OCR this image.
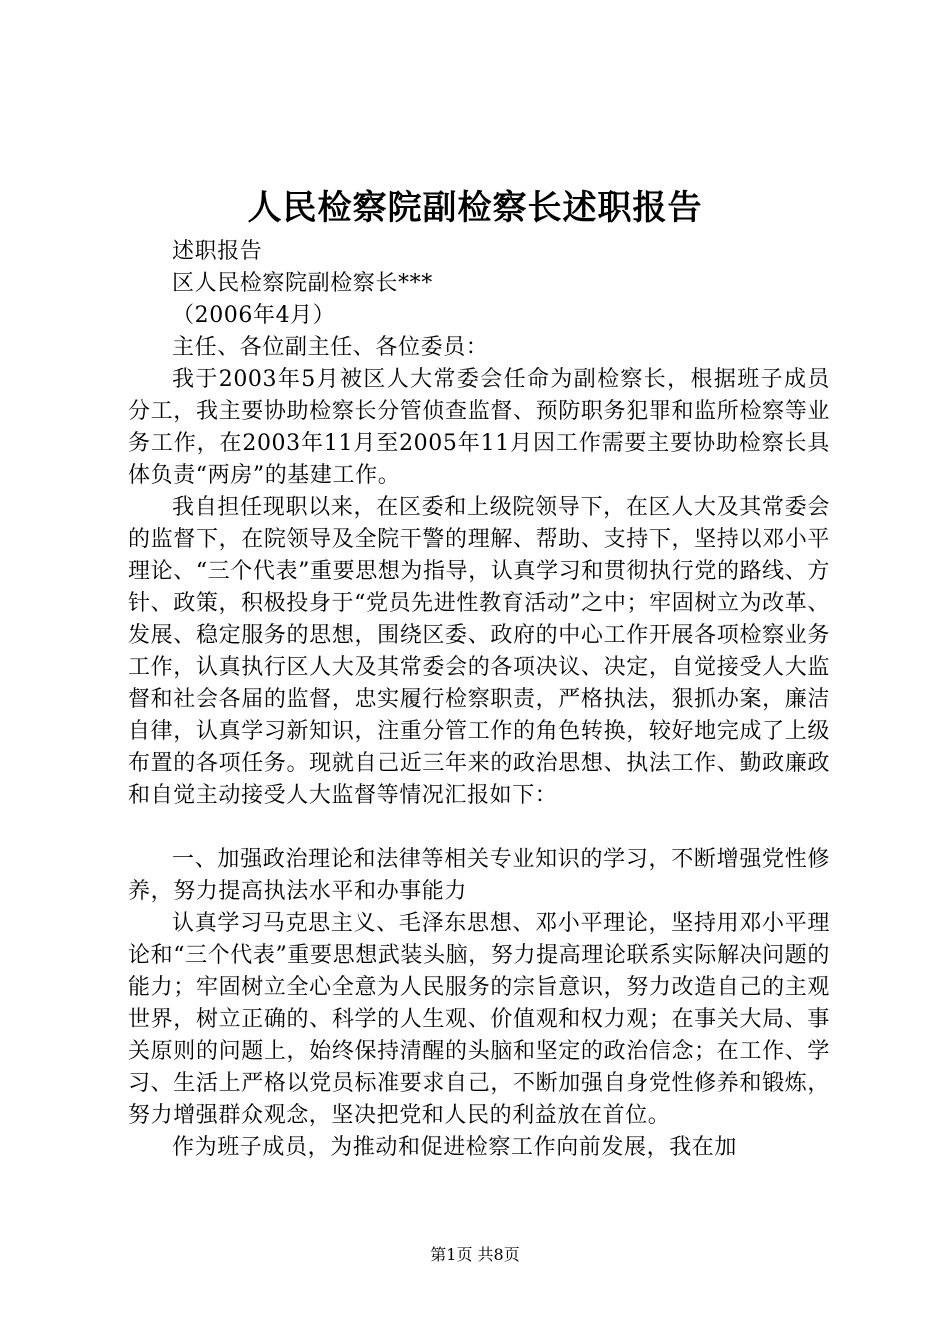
人民检察院副检察长述职报告

述职报告

区人民检察院副检察长***

（2006年4月）

主任、各位副主任、各位委员：

我于2003年5月被区人大常委会任命为副检察长，根据班子成员分工，我主要协助检察长分管侦查监督、预防职务犯罪和监所检察等业务工作，在2003年11月至2005年11月因工作需要主要协助检察长具体负责“两房”的基建工作。

我自担任现职以来，在区委和上级院领导下，在区人大及其常委会的监督下，在院领导及全院干警的理解、帮助、支持下，坚持以邓小平理论、“三个代表”重要思想为指导，认真学习和贯彻执行党的路线、方针、政策，积极投身于“党员先进性教育活动”之中；牢固树立为改革、发展、稳定服务的思想，围绕区委、政府的中心工作开展各项检察业务工作，认真执行区人大及其常委会的各项决议、决定，自觉接受人大监督和社会各届的监督，忠实履行检察职责，严格执法，狠抓办案，廉洁自律，认真学习新知识，注重分管工作的角色转换，较好地完成了上级布置的各项任务。现就自己近三年来的政治思想、执法工作、勤政廉政和自觉主动接受人大监督等情况汇报如下：

一、加强政治理论和法律等相关专业知识的学习，不断增强党性修养，努力提高执法水平和办事能力

认真学习马克思主义、毛泽东思想、邓小平理论，坚持用邓小平理论和“三个代表”重要思想武装头脑，努力提高理论联系实际解决问题的能力；牢固树立全心全意为人民服务的宗旨意识，努力改造自己的主观世界，树立正确的、科学的人生观、价值观和权力观；在事关大局、事关原则的问题上，始终保持清醒的头脑和坚定的政治信念；在工作、学习、生活上严格以党员标准要求自己，不断加强自身党性修养和锻炼，努力增强群众观念，坚决把党和人民的利益放在首位。

作为班子成员，为推动和促进检察工作向前发展，我在加

第1页 共8页
